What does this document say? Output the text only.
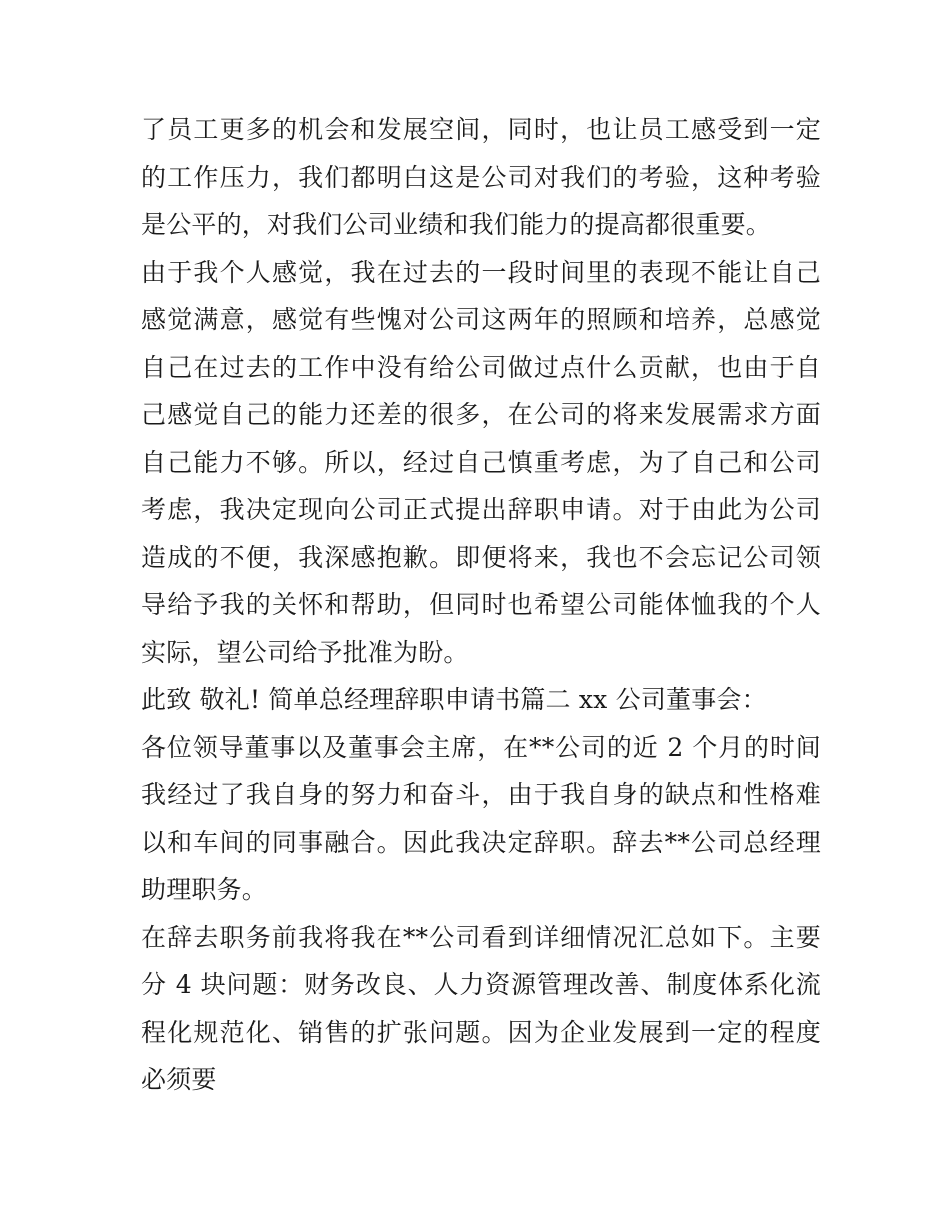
了员工更多的机会和发展空间，同时，也让员工感受到一定的工作压力，我们都明白这是公司对我们的考验，这种考验是公平的，对我们公司业绩和我们能力的提高都很重要。

由于我个人感觉，我在过去的一段时间里的表现不能让自己感觉满意，感觉有些愧对公司这两年的照顾和培养，总感觉自己在过去的工作中没有给公司做过点什么贡献，也由于自己感觉自己的能力还差的很多，在公司的将来发展需求方面自己能力不够。所以，经过自己慎重考虑，为了自己和公司考虑，我决定现向公司正式提出辞职申请。对于由此为公司造成的不便，我深感抱歉。即便将来，我也不会忘记公司领导给予我的关怀和帮助，但同时也希望公司能体恤我的个人实际，望公司给予批准为盼。

此致 敬礼! 简单总经理辞职申请书篇二 xx 公司董事会：

各位领导董事以及董事会主席，在**公司的近 2 个月的时间我经过了我自身的努力和奋斗，由于我自身的缺点和性格难以和车间的同事融合。因此我决定辞职。辞去**公司总经理助理职务。

在辞去职务前我将我在**公司看到详细情况汇总如下。主要分 4 块问题：财务改良、人力资源管理改善、制度体系化流程化规范化、销售的扩张问题。因为企业发展到一定的程度必须要
